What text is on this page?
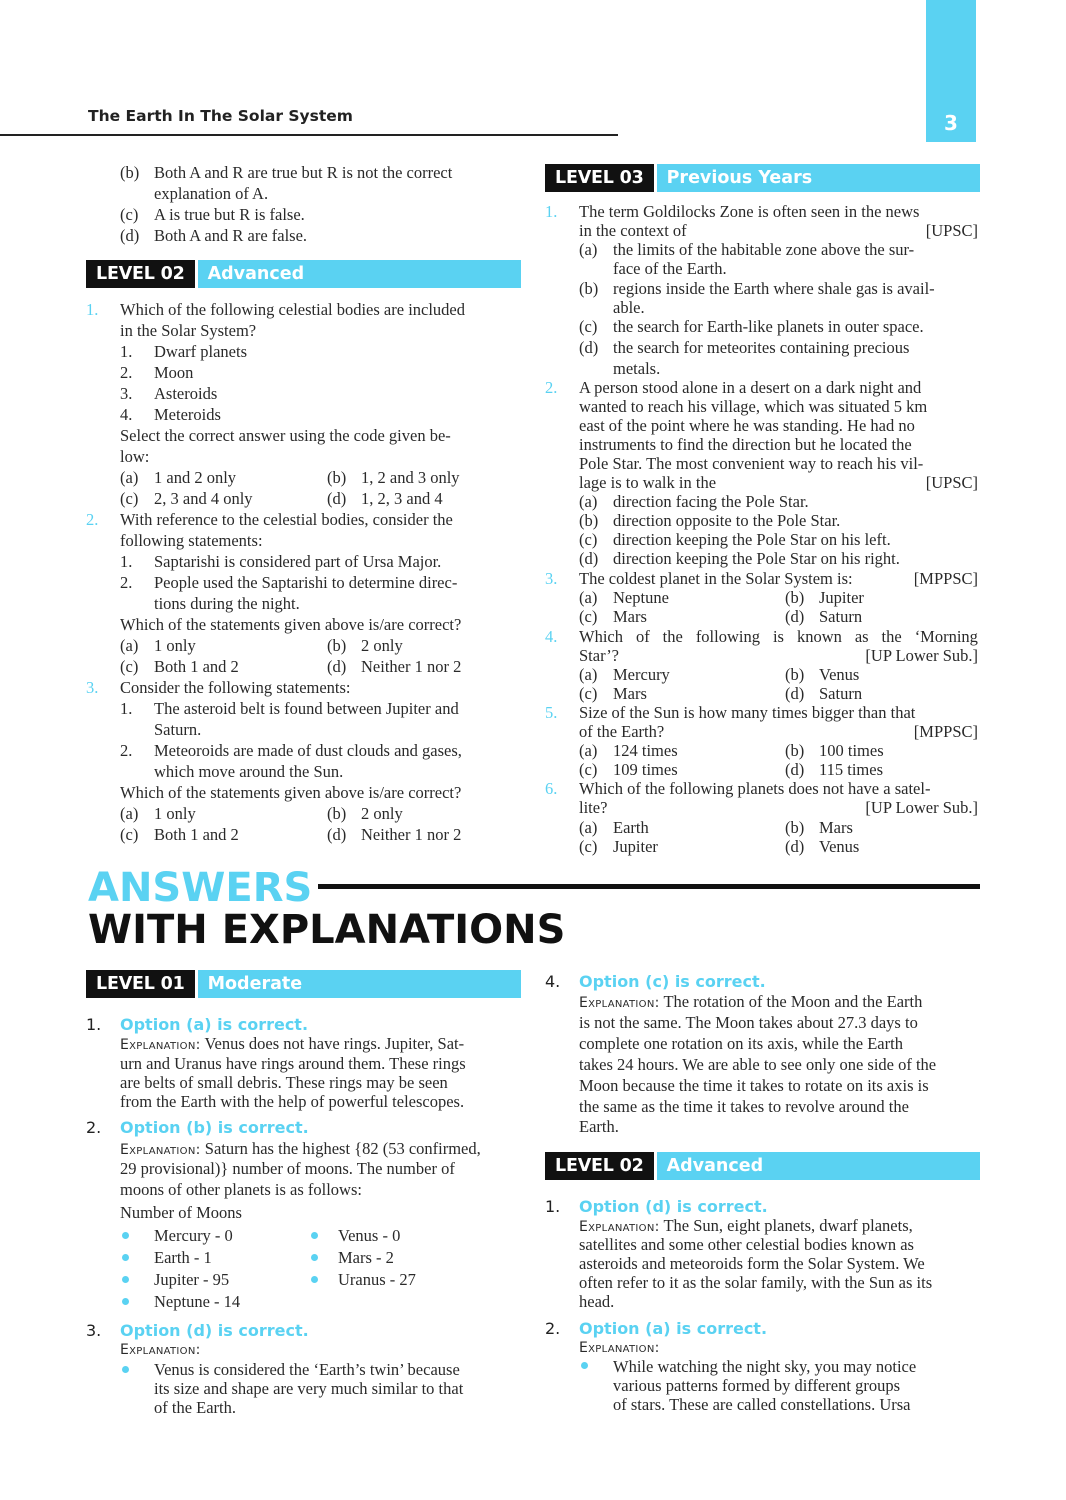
The Earth In The Solar System	3
(b) Both A and R are true but R is not the correct
explanation of A.
(c) A is true but R is false.
(d) Both A and R are false.
LEVEL 02	Advanced
1. Which of the following celestial bodies are included
in the Solar System?
1. Dwarf planets
2. Moon
3. Asteroids
4. Meteroids
Select the correct answer using the code given be-
low:
(a) 1 and 2 only	(b) 1, 2 and 3 only
(c) 2, 3 and 4 only	(d) 1, 2, 3 and 4
2. With reference to the celestial bodies, consider the
following statements:
1. Saptarishi is considered part of Ursa Major.
2. People used the Saptarishi to determine direc-
tions during the night.
Which of the statements given above is/are correct?
(a) 1 only	(b) 2 only
(c) Both 1 and 2	(d) Neither 1 nor 2
3. Consider the following statements:
1. The asteroid belt is found between Jupiter and
Saturn.
2. Meteoroids are made of dust clouds and gases,
which move around the Sun.
Which of the statements given above is/are correct?
(a) 1 only	(b) 2 only
(c) Both 1 and 2	(d) Neither 1 nor 2
LEVEL 03	Previous Years
1. The term Goldilocks Zone is often seen in the news
in the context of	[UPSC]
(a) the limits of the habitable zone above the sur-
face of the Earth.
(b) regions inside the Earth where shale gas is avail-
able.
(c) the search for Earth-like planets in outer space.
(d) the search for meteorites containing precious
metals.
2. A person stood alone in a desert on a dark night and
wanted to reach his village, which was situated 5 km
east of the point where he was standing. He had no
instruments to find the direction but he located the
Pole Star. The most convenient way to reach his vil-
lage is to walk in the	[UPSC]
(a) direction facing the Pole Star.
(b) direction opposite to the Pole Star.
(c) direction keeping the Pole Star on his left.
(d) direction keeping the Pole Star on his right.
3. The coldest planet in the Solar System is:	[MPPSC]
(a) Neptune	(b) Jupiter
(c) Mars	(d) Saturn
4. Which of the following is known as the ‘Morning
Star’?	[UP Lower Sub.]
(a) Mercury	(b) Venus
(c) Mars	(d) Saturn
5. Size of the Sun is how many times bigger than that
of the Earth?	[MPPSC]
(a) 124 times	(b) 100 times
(c) 109 times	(d) 115 times
6. Which of the following planets does not have a satel-
lite?	[UP Lower Sub.]
(a) Earth	(b) Mars
(c) Jupiter	(d) Venus
ANSWERS
WITH EXPLANATIONS
LEVEL 01	Moderate
1. Option (a) is correct.
Explanation: Venus does not have rings. Jupiter, Sat-
urn and Uranus have rings around them. These rings
are belts of small debris. These rings may be seen
from the Earth with the help of powerful telescopes.
2. Option (b) is correct.
Explanation: Saturn has the highest {82 (53 confirmed,
29 provisional)} number of moons. The number of
moons of other planets is as follows:
Number of Moons
Mercury - 0	Venus - 0
Earth - 1	Mars - 2
Jupiter - 95	Uranus - 27
Neptune - 14
3. Option (d) is correct.
Explanation:
Venus is considered the ‘Earth’s twin’ because
its size and shape are very much similar to that
of the Earth.
4. Option (c) is correct.
Explanation: The rotation of the Moon and the Earth
is not the same. The Moon takes about 27.3 days to
complete one rotation on its axis, while the Earth
takes 24 hours. We are able to see only one side of the
Moon because the time it takes to rotate on its axis is
the same as the time it takes to revolve around the
Earth.
LEVEL 02	Advanced
1. Option (d) is correct.
Explanation: The Sun, eight planets, dwarf planets,
satellites and some other celestial bodies known as
asteroids and meteoroids form the Solar System. We
often refer to it as the solar family, with the Sun as its
head.
2. Option (a) is correct.
Explanation:
While watching the night sky, you may notice
various patterns formed by different groups
of stars. These are called constellations. Ursa
